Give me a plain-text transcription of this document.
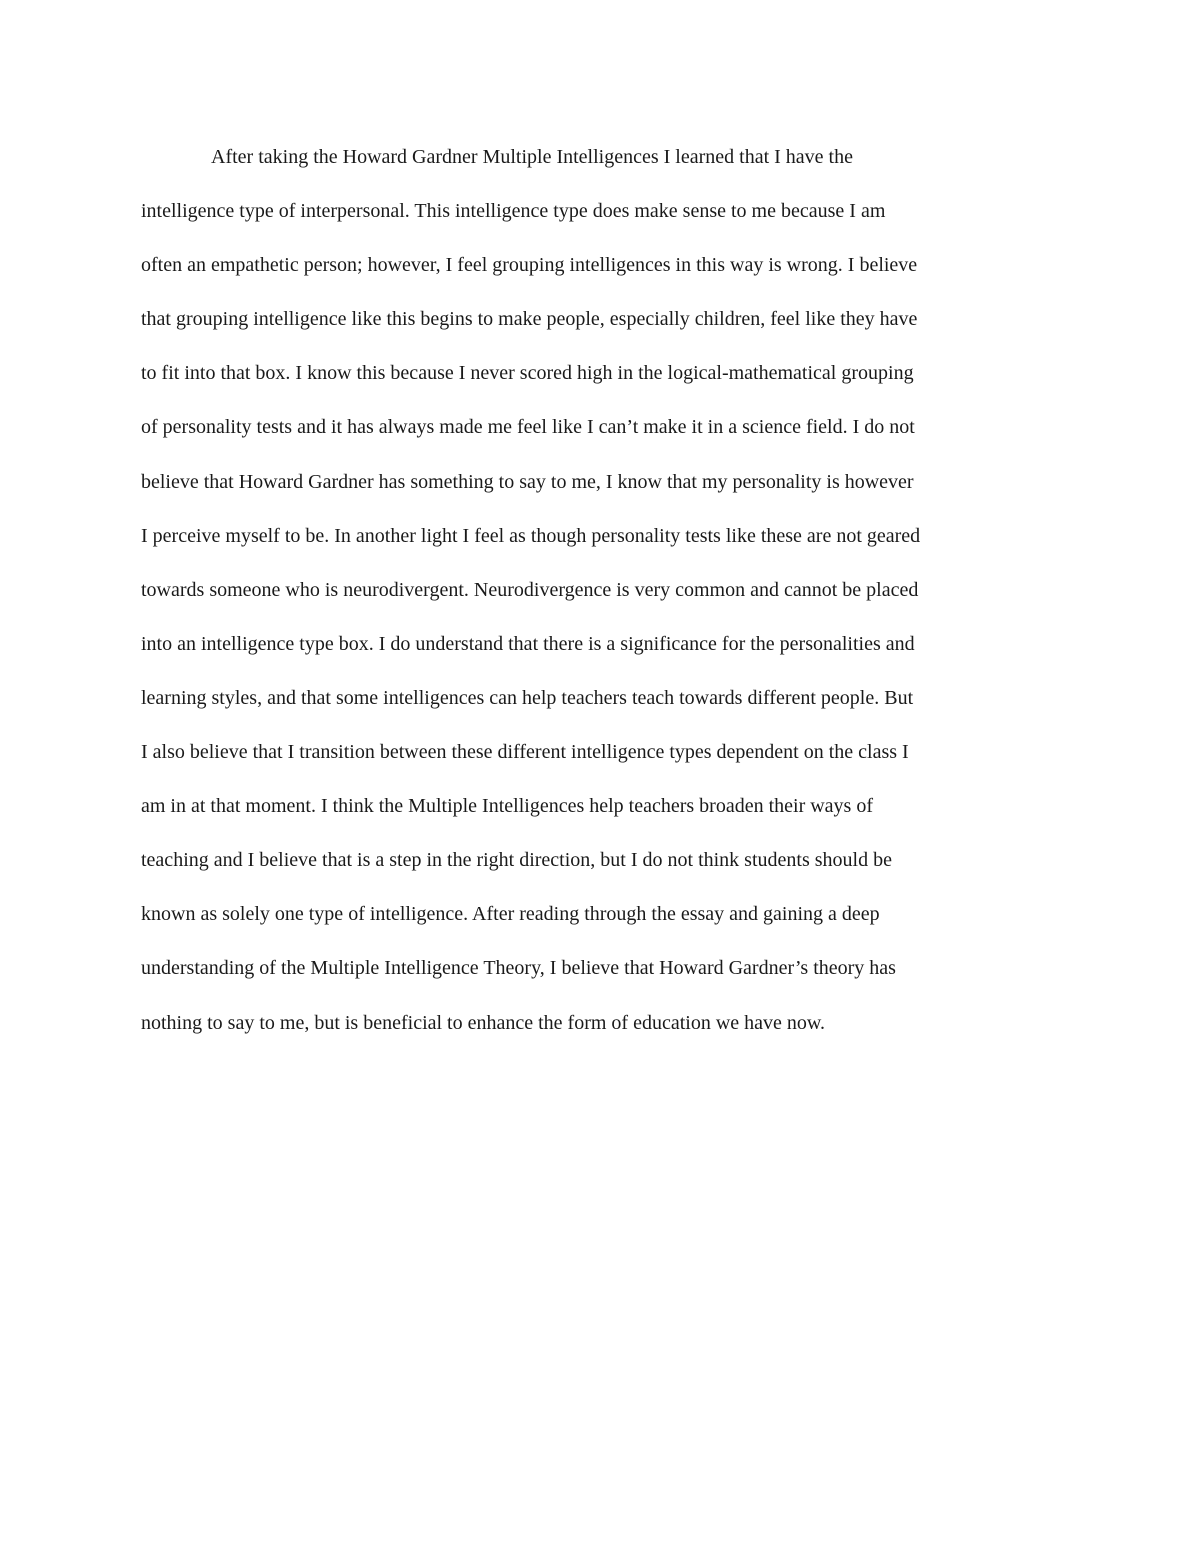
After taking the Howard Gardner Multiple Intelligences I learned that I have the
intelligence type of interpersonal. This intelligence type does make sense to me because I am
often an empathetic person; however, I feel grouping intelligences in this way is wrong. I believe
that grouping intelligence like this begins to make people, especially children, feel like they have
to fit into that box. I know this because I never scored high in the logical-mathematical grouping
of personality tests and it has always made me feel like I can’t make it in a science field. I do not
believe that Howard Gardner has something to say to me, I know that my personality is however
I perceive myself to be. In another light I feel as though personality tests like these are not geared
towards someone who is neurodivergent. Neurodivergence is very common and cannot be placed
into an intelligence type box. I do understand that there is a significance for the personalities and
learning styles, and that some intelligences can help teachers teach towards different people. But
I also believe that I transition between these different intelligence types dependent on the class I
am in at that moment. I think the Multiple Intelligences help teachers broaden their ways of
teaching and I believe that is a step in the right direction, but I do not think students should be
known as solely one type of intelligence. After reading through the essay and gaining a deep
understanding of the Multiple Intelligence Theory, I believe that Howard Gardner’s theory has
nothing to say to me, but is beneficial to enhance the form of education we have now.
